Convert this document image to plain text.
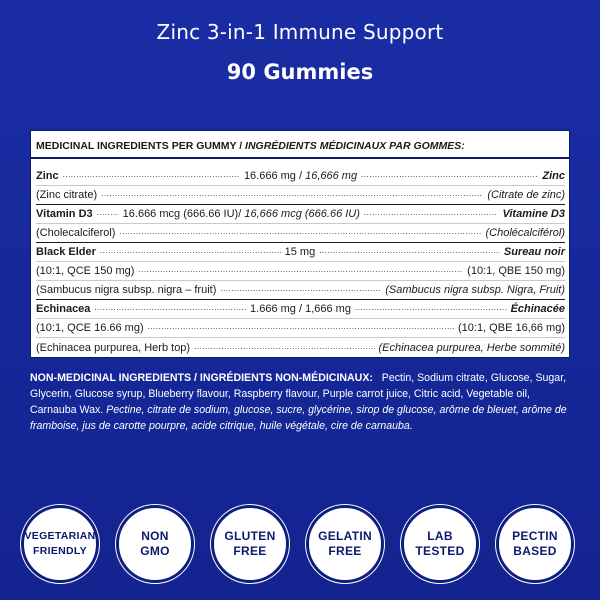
Zinc 3-in-1 Immune Support
90 Gummies
MEDICINAL INGREDIENTS PER GUMMY / INGRÉDIENTS MÉDICINAUX PAR GOMMES:
Zinc .....	16.666 mg / 16,666 mg .....	Zinc
(Zinc citrate) .....	(Citrate de zinc)
Vitamin D3 .....	16.666 mcg (666.66 IU)/ 16,666 mcg (666.66 IU) .....	Vitamine D3
(Cholecalciferol) .....	(Cholécalciférol)
Black Elder .....	15 mg .....	Sureau noir
(10:1, QCE 150 mg) .....	(10:1, QBE 150 mg)
(Sambucus nigra subsp. nigra – fruit) .....	(Sambucus nigra subsp. Nigra, Fruit)
Echinacea .....	1.666 mg / 1,666 mg .....	Échinacée
(10:1, QCE 16.66 mg) .....	(10:1, QBE 16,66 mg)
(Echinacea purpurea, Herb top) .....	(Echinacea purpurea, Herbe sommité)
NON-MEDICINAL INGREDIENTS / INGRÉDIENTS NON-MÉDICINAUX: Pectin, Sodium citrate, Glucose, Sugar, Glycerin, Glucose syrup, Blueberry flavour, Raspberry flavour, Purple carrot juice, Citric acid, Vegetable oil, Carnauba Wax. Pectine, citrate de sodium, glucose, sucre, glycérine, sirop de glucose, arôme de bleuet, arôme de framboise, jus de carotte pourpre, acide citrique, huile végétale, cire de carnauba.
VEGETARIAN
FRIENDLY
NON
GMO
GLUTEN
FREE
GELATIN
FREE
LAB
TESTED
PECTIN
BASED
